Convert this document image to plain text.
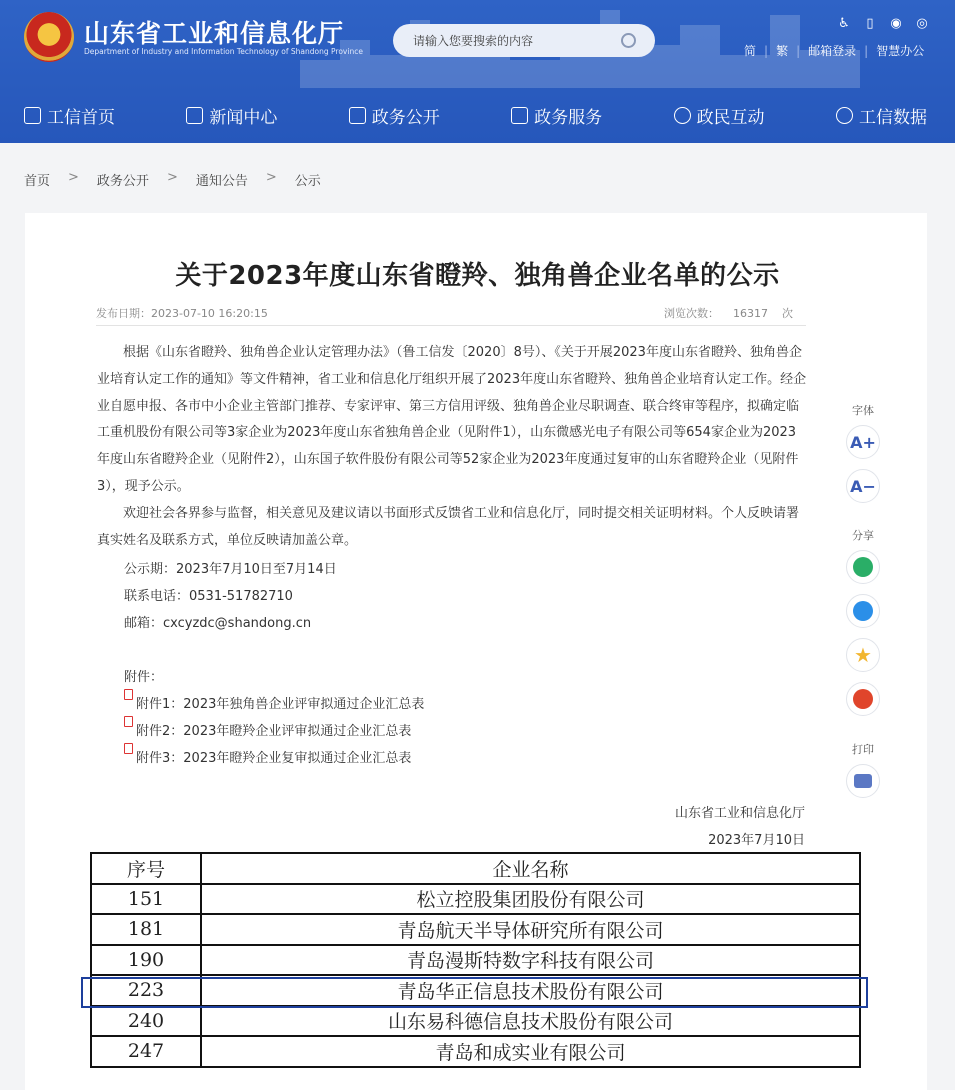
山东省工业和信息化厅
Department of Industry and Information Technology of Shandong Province
请输入您要搜索的内容
♿	▯	◉ ◎
简 | 繁 | 邮箱登录 | 智慧办公
工信首页	新闻中心	政务公开	政务服务	政民互动	工信数据
首页 > 政务公开 > 通知公告 > 公示
关于2023年度山东省瞪羚、独角兽企业名单的公示
发布日期：2023-07-10 16:20:15	浏览次数： 16317 次

根据《山东省瞪羚、独角兽企业认定管理办法》（鲁工信发〔2020〕8号）、《关于开展2023年度山东省瞪羚、独角兽企业培育认定工作的通知》等文件精神，省工业和信息化厅组织开展了2023年度山东省瞪羚、独角兽企业培育认定工作。经企业自愿申报、各市中小企业主管部门推荐、专家评审、第三方信用评级、独角兽企业尽职调查、联合终审等程序，拟确定临工重机股份有限公司等3家企业为2023年度山东省独角兽企业（见附件1），山东微感光电子有限公司等654家企业为2023年度山东省瞪羚企业（见附件2），山东国子软件股份有限公司等52家企业为2023年度通过复审的山东省瞪羚企业（见附件3），现予公示。

欢迎社会各界参与监督，相关意见及建议请以书面形式反馈省工业和信息化厅，同时提交相关证明材料。个人反映请署真实姓名及联系方式，单位反映请加盖公章。

公示期：2023年7月10日至7月14日
联系电话：0531-51782710
邮箱：cxcyzdc@shandong.cn
附件：
附件1：2023年独角兽企业评审拟通过企业汇总表
附件2：2023年瞪羚企业评审拟通过企业汇总表
附件3：2023年瞪羚企业复审拟通过企业汇总表
山东省工业和信息化厅
2023年7月10日
序号	企业名称
151	松立控股集团股份有限公司
181	青岛航天半导体研究所有限公司
190	青岛漫斯特数字科技有限公司
223	青岛华正信息技术股份有限公司
240	山东易科德信息技术股份有限公司
247	青岛和成实业有限公司
字体
A+
A−
分享
★
打印
